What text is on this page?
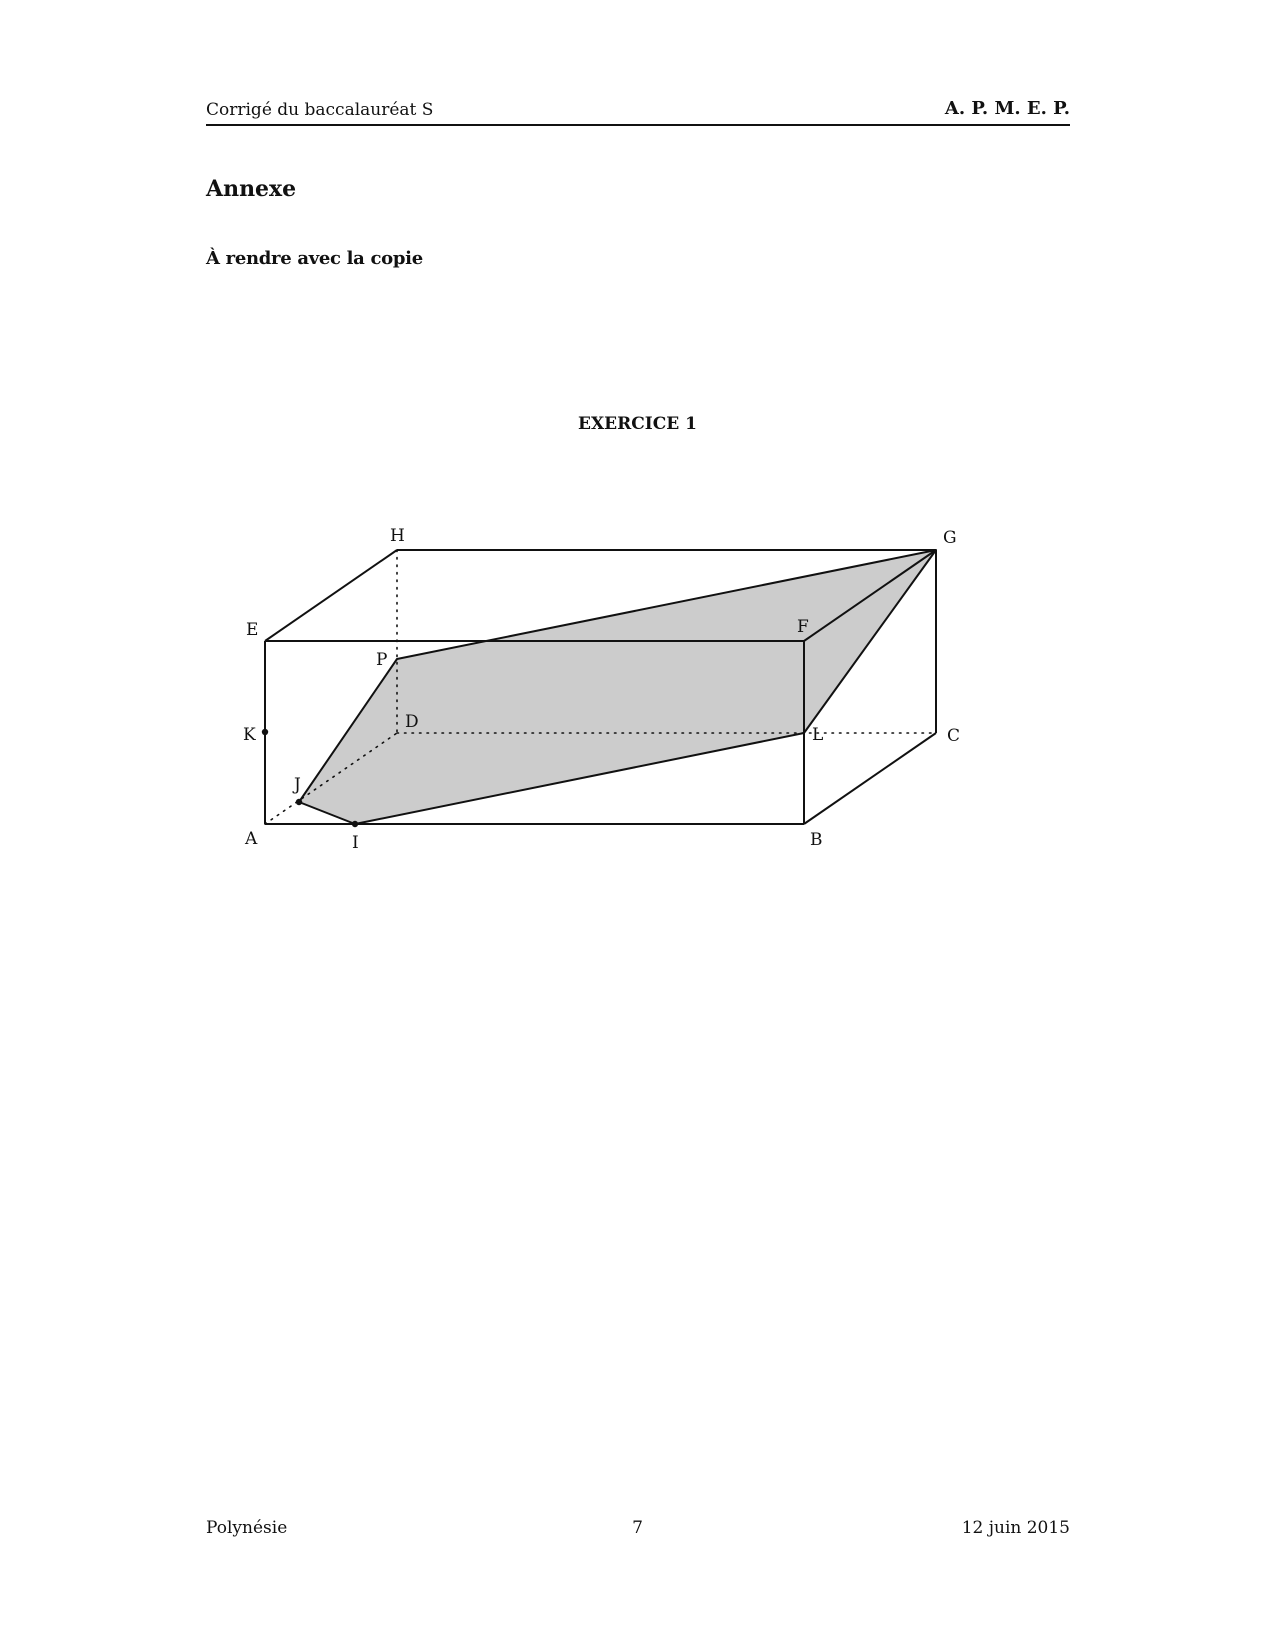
Corrigé du baccalauréat S	A. P. M. E. P.
Annexe
À rendre avec la copie
EXERCICE 1
H	G
E	F
P
K
D
L	C
J
A	I	B
Polynésie	7	12 juin 2015
